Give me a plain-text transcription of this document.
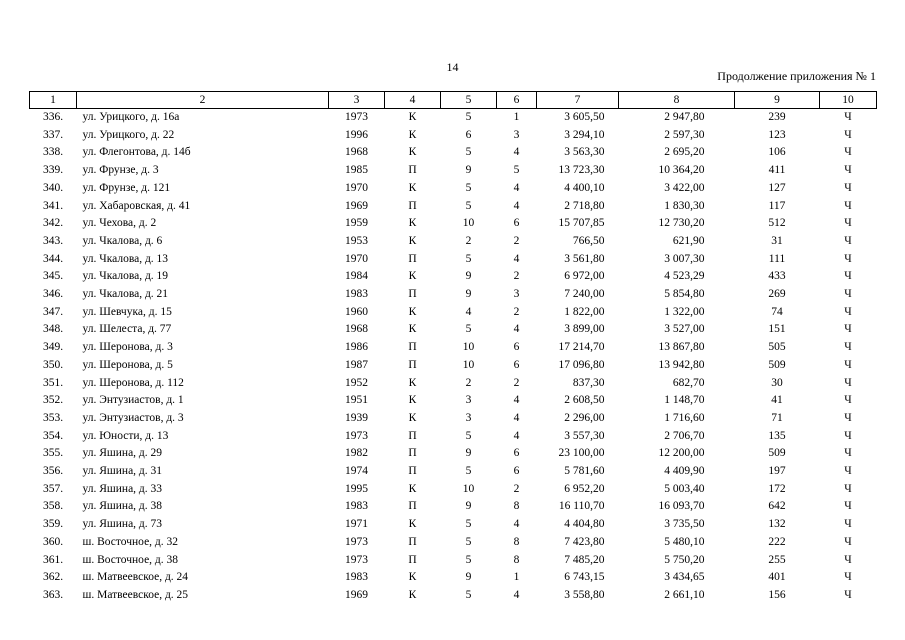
14
Продолжение приложения № 1
1	2	3	4	5	6	7	8	9	10
336.	ул. Урицкого, д. 16а	1973	К	5	1	3 605,50	2 947,80	239	Ч
337.	ул. Урицкого, д. 22	1996	К	6	3	3 294,10	2 597,30	123	Ч
338.	ул. Флегонтова, д. 14б	1968	К	5	4	3 563,30	2 695,20	106	Ч
339.	ул. Фрунзе, д. 3	1985	П	9	5	13 723,30	10 364,20	411	Ч
340.	ул. Фрунзе, д. 121	1970	К	5	4	4 400,10	3 422,00	127	Ч
341.	ул. Хабаровская, д. 41	1969	П	5	4	2 718,80	1 830,30	117	Ч
342.	ул. Чехова, д. 2	1959	К	10	6	15 707,85	12 730,20	512	Ч
343.	ул. Чкалова, д. 6	1953	К	2	2	766,50	621,90	31	Ч
344.	ул. Чкалова, д. 13	1970	П	5	4	3 561,80	3 007,30	111	Ч
345.	ул. Чкалова, д. 19	1984	К	9	2	6 972,00	4 523,29	433	Ч
346.	ул. Чкалова, д. 21	1983	П	9	3	7 240,00	5 854,80	269	Ч
347.	ул. Шевчука, д. 15	1960	К	4	2	1 822,00	1 322,00	74	Ч
348.	ул. Шелеста, д. 77	1968	К	5	4	3 899,00	3 527,00	151	Ч
349.	ул. Шеронова, д. 3	1986	П	10	6	17 214,70	13 867,80	505	Ч
350.	ул. Шеронова, д. 5	1987	П	10	6	17 096,80	13 942,80	509	Ч
351.	ул. Шеронова, д. 112	1952	К	2	2	837,30	682,70	30	Ч
352.	ул. Энтузиастов, д. 1	1951	К	3	4	2 608,50	1 148,70	41	Ч
353.	ул. Энтузиастов, д. 3	1939	К	3	4	2 296,00	1 716,60	71	Ч
354.	ул. Юности, д. 13	1973	П	5	4	3 557,30	2 706,70	135	Ч
355.	ул. Яшина, д. 29	1982	П	9	6	23 100,00	12 200,00	509	Ч
356.	ул. Яшина, д. 31	1974	П	5	6	5 781,60	4 409,90	197	Ч
357.	ул. Яшина, д. 33	1995	К	10	2	6 952,20	5 003,40	172	Ч
358.	ул. Яшина, д. 38	1983	П	9	8	16 110,70	16 093,70	642	Ч
359.	ул. Яшина, д. 73	1971	К	5	4	4 404,80	3 735,50	132	Ч
360.	ш. Восточное, д. 32	1973	П	5	8	7 423,80	5 480,10	222	Ч
361.	ш. Восточное, д. 38	1973	П	5	8	7 485,20	5 750,20	255	Ч
362.	ш. Матвеевское, д. 24	1983	К	9	1	6 743,15	3 434,65	401	Ч
363.	ш. Матвеевское, д. 25	1969	К	5	4	3 558,80	2 661,10	156	Ч
